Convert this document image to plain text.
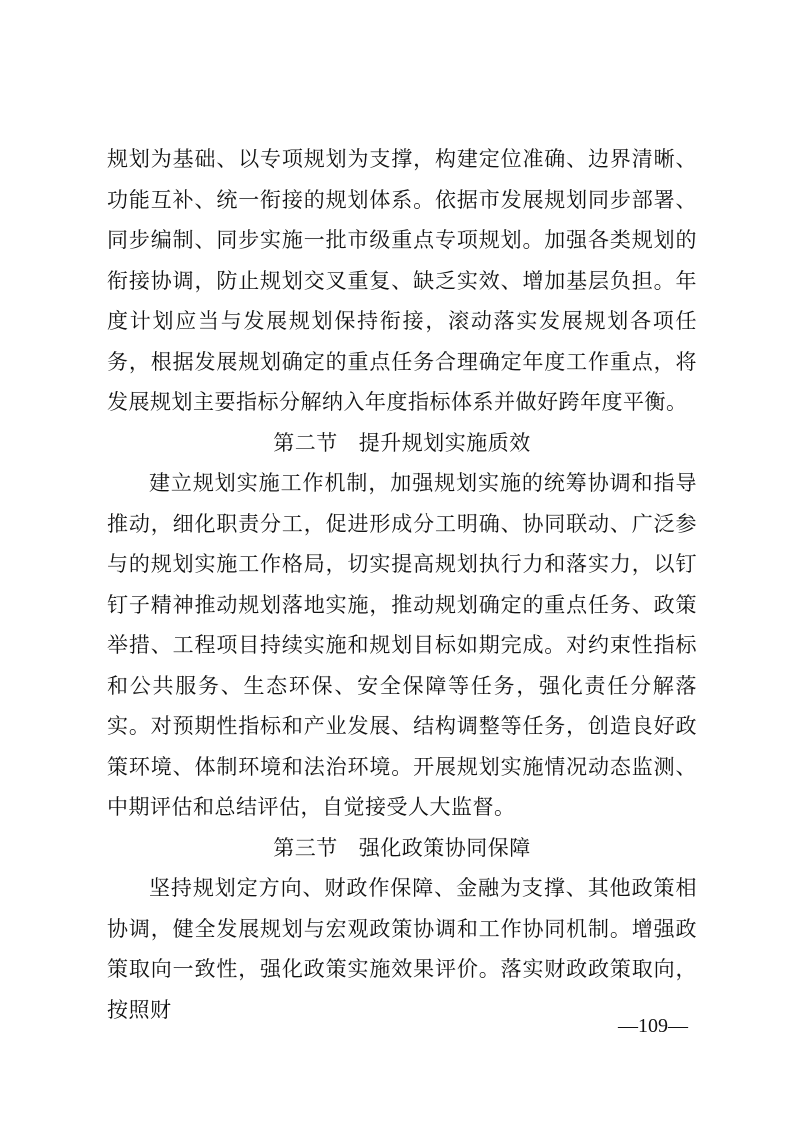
规划为基础、以专项规划为支撑，构建定位准确、边界清晰、功能互补、统一衔接的规划体系。依据市发展规划同步部署、同步编制、同步实施一批市级重点专项规划。加强各类规划的衔接协调，防止规划交叉重复、缺乏实效、增加基层负担。年度计划应当与发展规划保持衔接，滚动落实发展规划各项任务，根据发展规划确定的重点任务合理确定年度工作重点，将发展规划主要指标分解纳入年度指标体系并做好跨年度平衡。

第二节 提升规划实施质效

建立规划实施工作机制，加强规划实施的统筹协调和指导推动，细化职责分工，促进形成分工明确、协同联动、广泛参与的规划实施工作格局，切实提高规划执行力和落实力，以钉钉子精神推动规划落地实施，推动规划确定的重点任务、政策举措、工程项目持续实施和规划目标如期完成。对约束性指标和公共服务、生态环保、安全保障等任务，强化责任分解落实。对预期性指标和产业发展、结构调整等任务，创造良好政策环境、体制环境和法治环境。开展规划实施情况动态监测、中期评估和总结评估，自觉接受人大监督。

第三节 强化政策协同保障

坚持规划定方向、财政作保障、金融为支撑、其他政策相协调，健全发展规划与宏观政策协调和工作协同机制。增强政策取向一致性，强化政策实施效果评价。落实财政政策取向，按照财

—109—
